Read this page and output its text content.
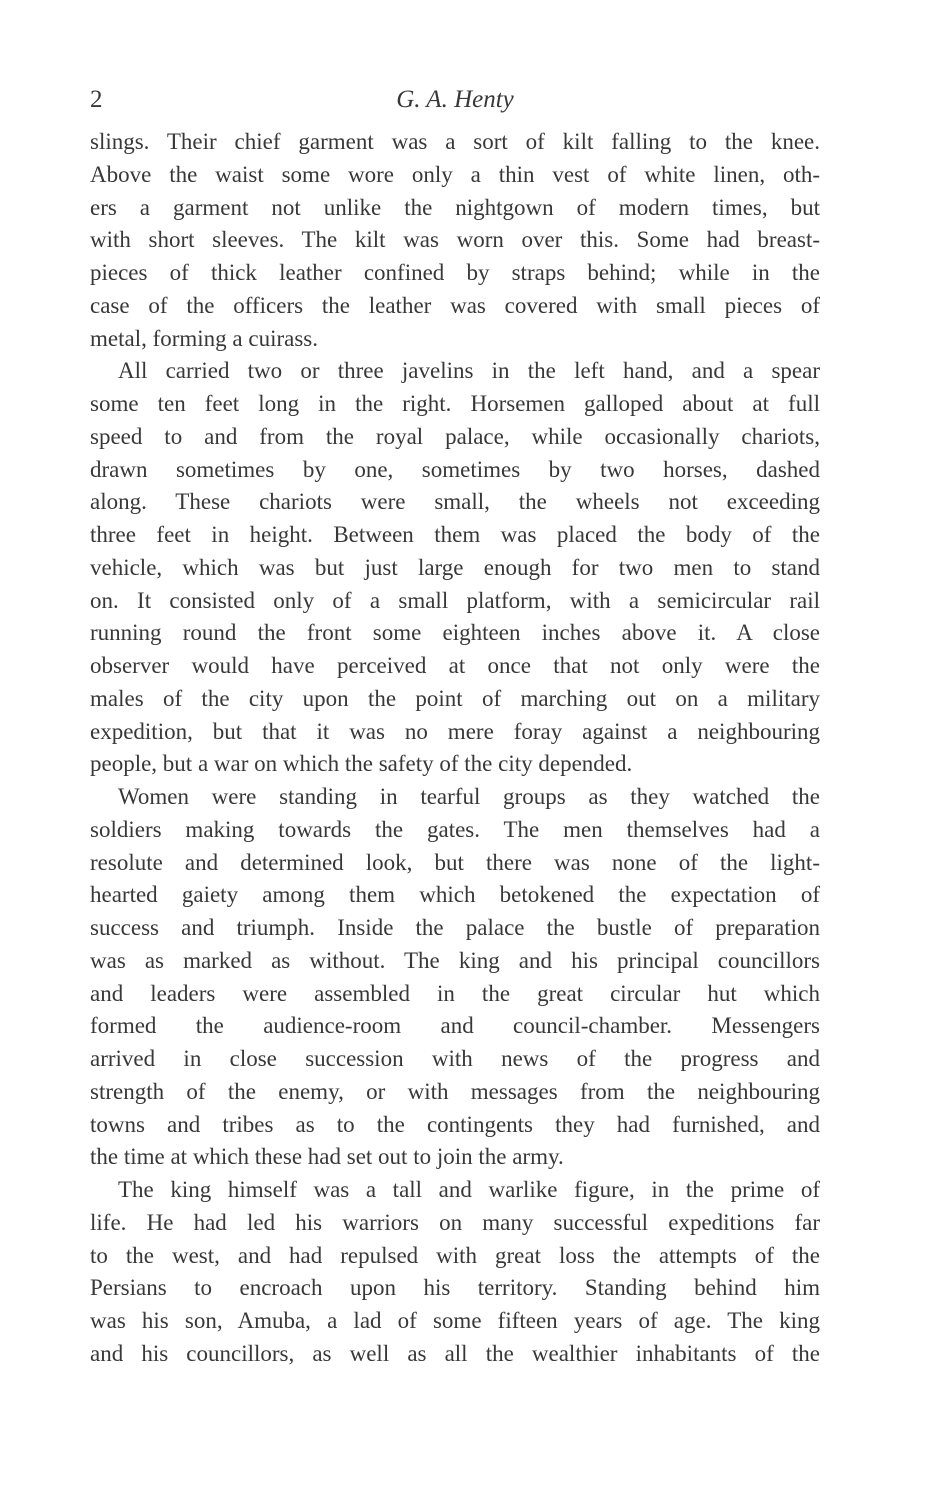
2	G. A. Henty
slings. Their chief garment was a sort of kilt falling to the knee.
Above the waist some wore only a thin vest of white linen, oth-
ers a garment not unlike the nightgown of modern times, but
with short sleeves. The kilt was worn over this. Some had breast-
pieces of thick leather confined by straps behind; while in the
case of the officers the leather was covered with small pieces of
metal, forming a cuirass.
All carried two or three javelins in the left hand, and a spear
some ten feet long in the right. Horsemen galloped about at full
speed to and from the royal palace, while occasionally chariots,
drawn sometimes by one, sometimes by two horses, dashed
along. These chariots were small, the wheels not exceeding
three feet in height. Between them was placed the body of the
vehicle, which was but just large enough for two men to stand
on. It consisted only of a small platform, with a semicircular rail
running round the front some eighteen inches above it. A close
observer would have perceived at once that not only were the
males of the city upon the point of marching out on a military
expedition, but that it was no mere foray against a neighbouring
people, but a war on which the safety of the city depended.
Women were standing in tearful groups as they watched the
soldiers making towards the gates. The men themselves had a
resolute and determined look, but there was none of the light-
hearted gaiety among them which betokened the expectation of
success and triumph. Inside the palace the bustle of preparation
was as marked as without. The king and his principal councillors
and leaders were assembled in the great circular hut which
formed the audience-room and council-chamber. Messengers
arrived in close succession with news of the progress and
strength of the enemy, or with messages from the neighbouring
towns and tribes as to the contingents they had furnished, and
the time at which these had set out to join the army.
The king himself was a tall and warlike figure, in the prime of
life. He had led his warriors on many successful expeditions far
to the west, and had repulsed with great loss the attempts of the
Persians to encroach upon his territory. Standing behind him
was his son, Amuba, a lad of some fifteen years of age. The king
and his councillors, as well as all the wealthier inhabitants of the
